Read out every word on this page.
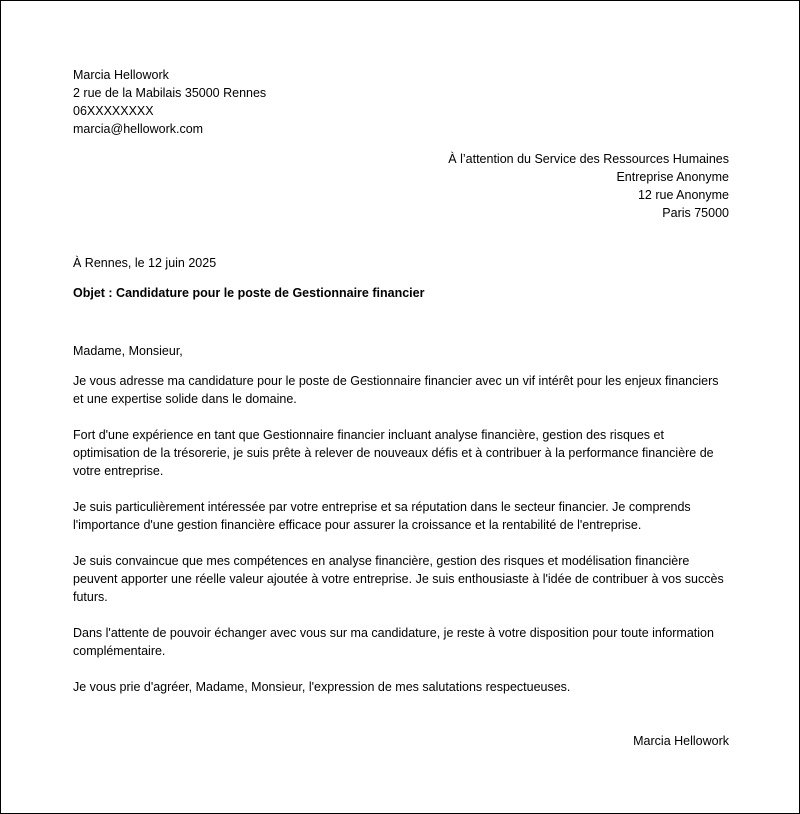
Marcia Hellowork
2 rue de la Mabilais 35000 Rennes
06XXXXXXXX
marcia@hellowork.com
À l’attention du Service des Ressources Humaines
Entreprise Anonyme
12 rue Anonyme
Paris 75000
À Rennes, le 12 juin 2025
Objet : Candidature pour le poste de Gestionnaire financier
Madame, Monsieur,
Je vous adresse ma candidature pour le poste de Gestionnaire financier avec un vif intérêt pour les enjeux financiers et une expertise solide dans le domaine.
Fort d'une expérience en tant que Gestionnaire financier incluant analyse financière, gestion des risques et optimisation de la trésorerie, je suis prête à relever de nouveaux défis et à contribuer à la performance financière de votre entreprise.
Je suis particulièrement intéressée par votre entreprise et sa réputation dans le secteur financier. Je comprends l'importance d'une gestion financière efficace pour assurer la croissance et la rentabilité de l'entreprise.
Je suis convaincue que mes compétences en analyse financière, gestion des risques et modélisation financière peuvent apporter une réelle valeur ajoutée à votre entreprise. Je suis enthousiaste à l'idée de contribuer à vos succès futurs.
Dans l'attente de pouvoir échanger avec vous sur ma candidature, je reste à votre disposition pour toute information complémentaire.
Je vous prie d'agréer, Madame, Monsieur, l'expression de mes salutations respectueuses.
Marcia Hellowork
